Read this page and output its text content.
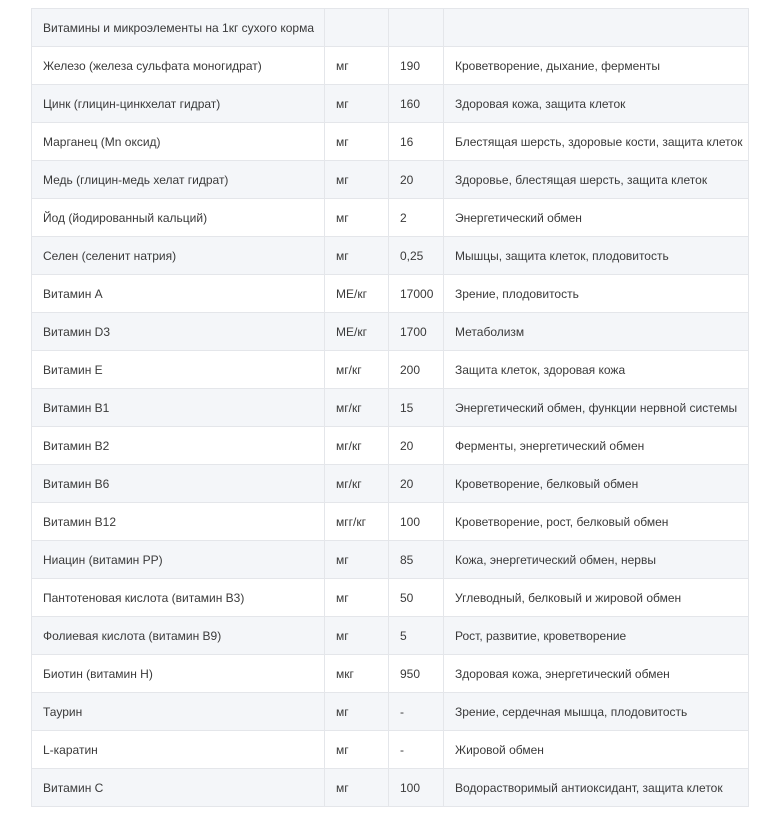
Витамины и микроэлементы на 1кг сухого корма			
Железо (железа сульфата моногидрат)	мг	190	Кроветворение, дыхание, ферменты
Цинк (глицин-цинкхелат гидрат)	мг	160	Здоровая кожа, защита клеток
Марганец (Mn оксид)	мг	16	Блестящая шерсть, здоровые кости, защита клеток
Медь (глицин-медь хелат гидрат)	мг	20	Здоровье, блестящая шерсть, защита клеток
Йод (йодированный кальций)	мг	2	Энергетический обмен
Селен (селенит натрия)	мг	0,25	Мышцы, защита клеток, плодовитость
Витамин А	МЕ/кг	17000	Зрение, плодовитость
Витамин D3	МЕ/кг	1700	Метаболизм
Витамин Е	мг/кг	200	Защита клеток, здоровая кожа
Витамин В1	мг/кг	15	Энергетический обмен, функции нервной системы
Витамин В2	мг/кг	20	Ферменты, энергетический обмен
Витамин В6	мг/кг	20	Кроветворение, белковый обмен
Витамин В12	мгг/кг	100	Кроветворение, рост, белковый обмен
Ниацин (витамин РР)	мг	85	Кожа, энергетический обмен, нервы
Пантотеновая кислота (витамин В3)	мг	50	Углеводный, белковый и жировой обмен
Фолиевая кислота (витамин В9)	мг	5	Рост, развитие, кроветворение
Биотин (витамин Н)	мкг	950	Здоровая кожа, энергетический обмен
Таурин	мг	-	Зрение, сердечная мышца, плодовитость
L-каратин	мг	-	Жировой обмен
Витамин С	мг	100	Водорастворимый антиоксидант, защита клеток
